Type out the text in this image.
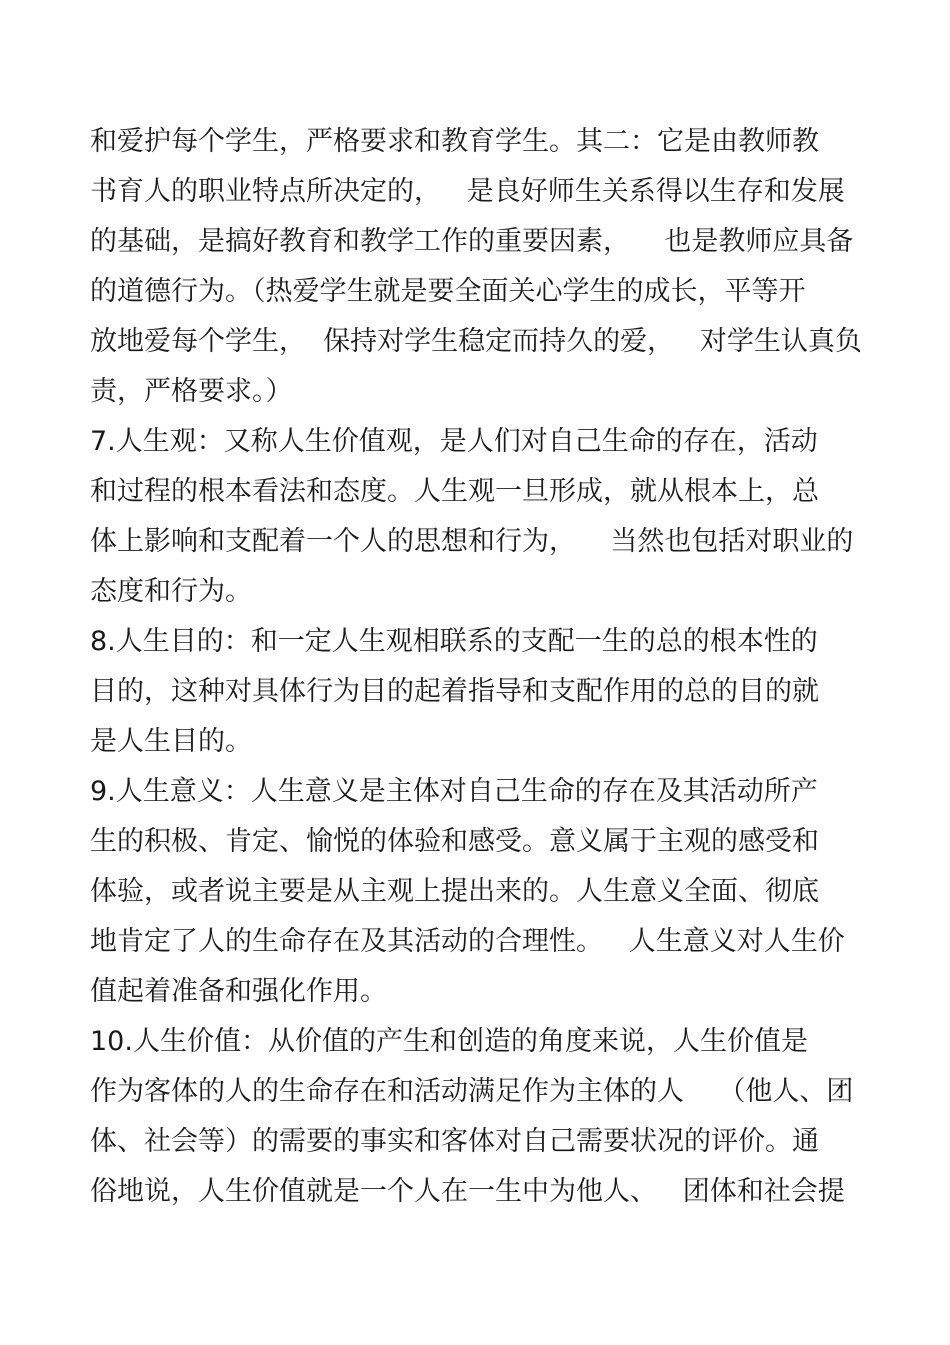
和爱护每个学生，严格要求和教育学生。其二：它是由教师教
书育人的职业特点所决定的，   是良好师生关系得以生存和发展
的基础，是搞好教育和教学工作的重要因素，    也是教师应具备
的道德行为。（热爱学生就是要全面关心学生的成长，平等开
放地爱每个学生，  保持对学生稳定而持久的爱，   对学生认真负
责，严格要求。）
7.人生观：又称人生价值观，是人们对自己生命的存在，活动
和过程的根本看法和态度。人生观一旦形成，就从根本上，总
体上影响和支配着一个人的思想和行为，    当然也包括对职业的
态度和行为。
8.人生目的：和一定人生观相联系的支配一生的总的根本性的
目的，这种对具体行为目的起着指导和支配作用的总的目的就
是人生目的。
9.人生意义：人生意义是主体对自己生命的存在及其活动所产
生的积极、肯定、愉悦的体验和感受。意义属于主观的感受和
体验，或者说主要是从主观上提出来的。人生意义全面、彻底
地肯定了人的生命存在及其活动的合理性。   人生意义对人生价
值起着准备和强化作用。
10.人生价值：从价值的产生和创造的角度来说，人生价值是
作为客体的人的生命存在和活动满足作为主体的人    （他人、团
体、社会等）的需要的事实和客体对自己需要状况的评价。通
俗地说，人生价值就是一个人在一生中为他人、   团体和社会提
